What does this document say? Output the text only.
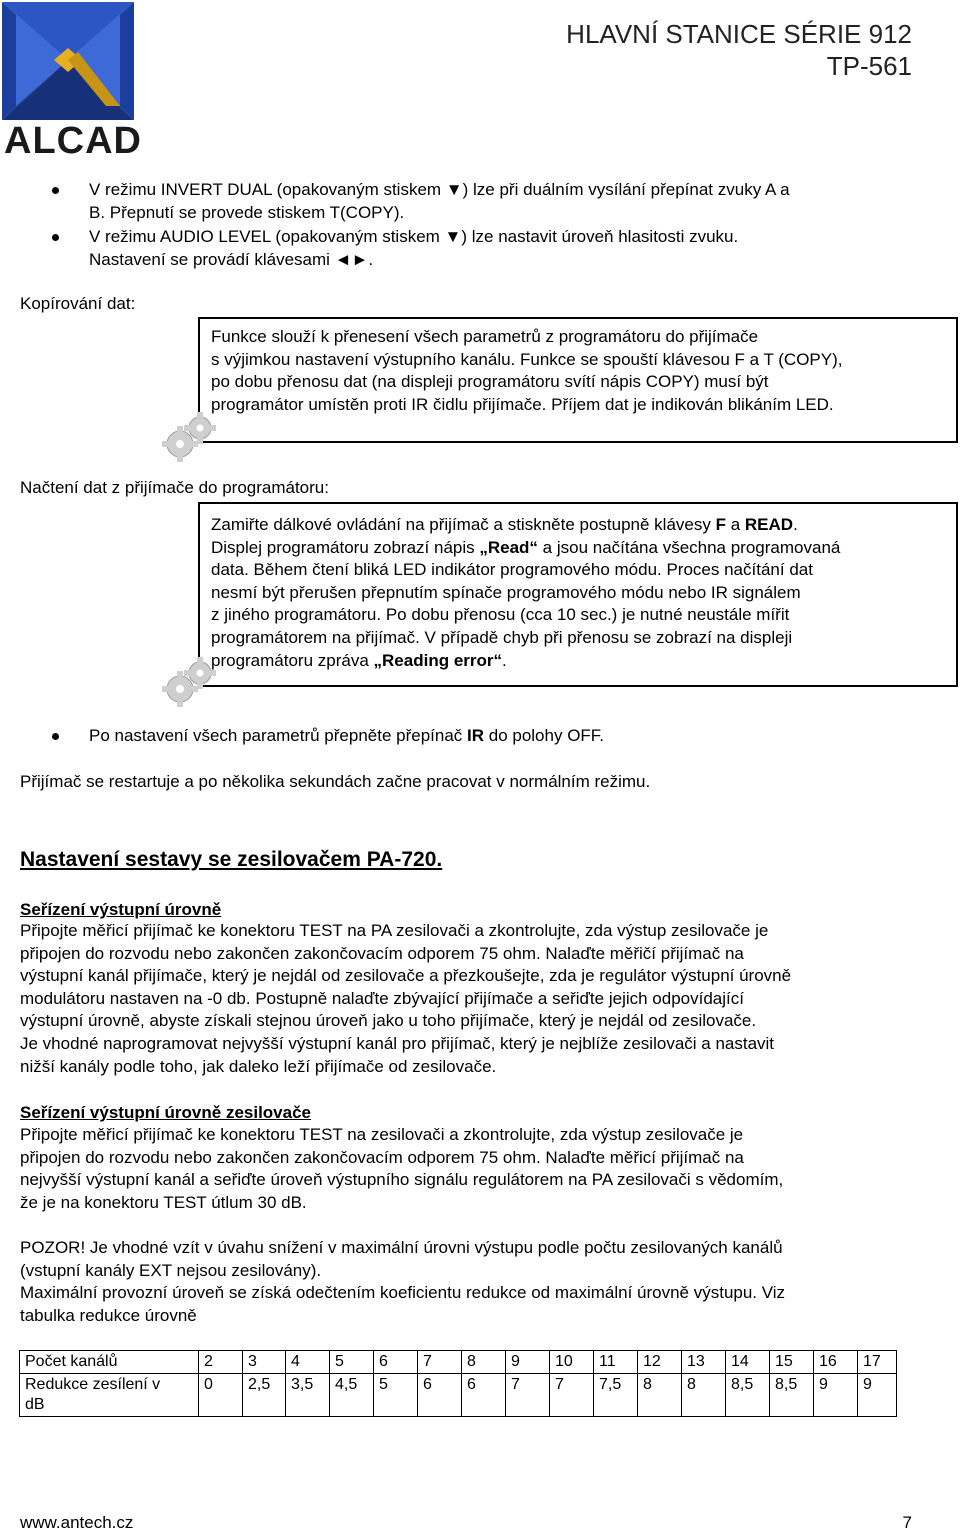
ALCAD
HLAVNÍ STANICE SÉRIE 912
TP-561
V režimu INVERT DUAL (opakovaným stiskem ▼) lze při duálním vysílání přepínat zvuky A a
B. Přepnutí se provede stiskem T(COPY).
V režimu AUDIO LEVEL (opakovaným stiskem ▼) lze nastavit úroveň hlasitosti zvuku.
Nastavení se provádí klávesami ◄►.
Kopírování dat:
Funkce slouží k přenesení všech parametrů z programátoru do přijímače
s výjimkou nastavení výstupního kanálu. Funkce se spouští klávesou F a T (COPY),
po dobu přenosu dat (na displeji programátoru svítí nápis COPY) musí být
programátor umístěn proti IR čidlu přijímače. Příjem dat je indikován blikáním LED.
Načtení dat z přijímače do programátoru:
Zamiřte dálkové ovládání na přijímač a stiskněte postupně klávesy F a READ.
Displej programátoru zobrazí nápis „Read“ a jsou načítána všechna programovaná
data. Během čtení bliká LED indikátor programového módu. Proces načítání dat
nesmí být přerušen přepnutím spínače programového módu nebo IR signálem
z jiného programátoru. Po dobu přenosu (cca 10 sec.) je nutné neustále mířit
programátorem na přijímač. V případě chyb při přenosu se zobrazí na displeji
programátoru zpráva „Reading error“.
Po nastavení všech parametrů přepněte přepínač IR do polohy OFF.
Přijímač se restartuje a po několika sekundách začne pracovat v normálním režimu.
Nastavení sestavy se zesilovačem PA-720.
Seřízení výstupní úrovně
Připojte měřicí přijímač ke konektoru TEST na PA zesilovači a zkontrolujte, zda výstup zesilovače je
připojen do rozvodu nebo zakončen zakončovacím odporem 75 ohm. Nalaďte měřičí přijímač na
výstupní kanál přijímače, který je nejdál od zesilovače a přezkoušejte, zda je regulátor výstupní úrovně
modulátoru nastaven na -0 db. Postupně nalaďte zbývající přijímače a seřiďte jejich odpovídající
výstupní úrovně, abyste získali stejnou úroveň jako u toho přijímače, který je nejdál od zesilovače.
Je vhodné naprogramovat nejvyšší výstupní kanál pro přijímač, který je nejblíže zesilovači a nastavit
nižší kanály podle toho, jak daleko leží přijímače od zesilovače.
Seřízení výstupní úrovně zesilovače
Připojte měřicí přijímač ke konektoru TEST na zesilovači a zkontrolujte, zda výstup zesilovače je
připojen do rozvodu nebo zakončen zakončovacím odporem 75 ohm. Nalaďte měřicí přijímač na
nejvyšší výstupní kanál a seřiďte úroveň výstupního signálu regulátorem na PA zesilovači s vědomím,
že je na konektoru TEST útlum 30 dB.
POZOR! Je vhodné vzít v úvahu snížení v maximální úrovni výstupu podle počtu zesilovaných kanálů
(vstupní kanály EXT nejsou zesilovány).
Maximální provozní úroveň se získá odečtením koeficientu redukce od maximální úrovně výstupu. Viz
tabulka redukce úrovně
Počet kanálů	2	3	4	5	6	7	8	9	10	11	12	13	14	15	16	17

Redukce zesílení v
dB	0	2,5	3,5	4,5	5	6	6	7	7	7,5	8	8	8,5	8,5	9	9
www.antech.cz	7
